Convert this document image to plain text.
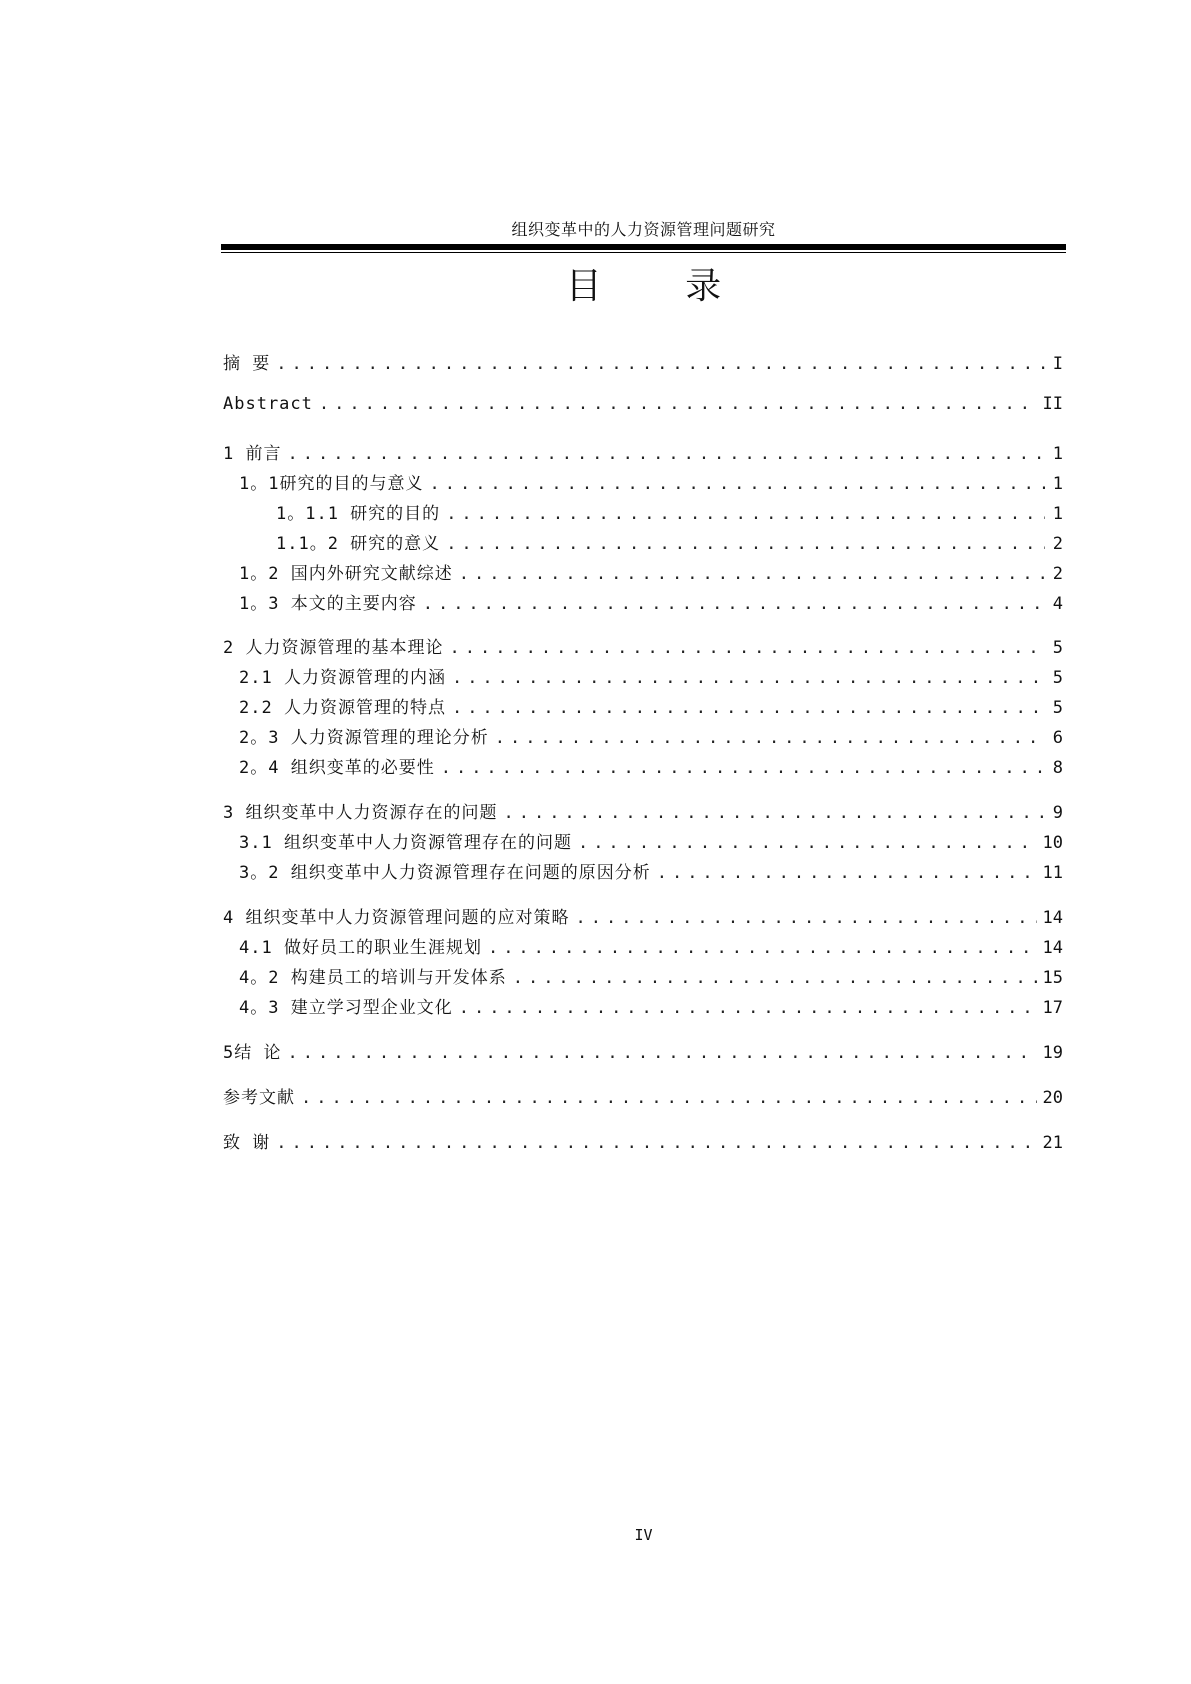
组织变革中的人力资源管理问题研究
目 录
摘 要 .....	I
Abstract .....	II
1 前言 .....	1
1。1研究的目的与意义 .....	1
1。1.1 研究的目的 .....	1
1.1。2 研究的意义 .....	2
1。2 国内外研究文献综述 .....	2
1。3 本文的主要内容 .....	4
2 人力资源管理的基本理论 .....	5
2.1 人力资源管理的内涵 .....	5
2.2 人力资源管理的特点 .....	5
2。3 人力资源管理的理论分析 .....	6
2。4 组织变革的必要性 .....	8
3 组织变革中人力资源存在的问题 .....	9
3.1 组织变革中人力资源管理存在的问题 .....	10
3。2 组织变革中人力资源管理存在问题的原因分析 .....	11
4 组织变革中人力资源管理问题的应对策略 .....	14
4.1 做好员工的职业生涯规划 .....	14
4。2 构建员工的培训与开发体系 .....	15
4。3 建立学习型企业文化 .....	17
5结 论 .....	19
参考文献 .....	20
致 谢 .....	21
IV
